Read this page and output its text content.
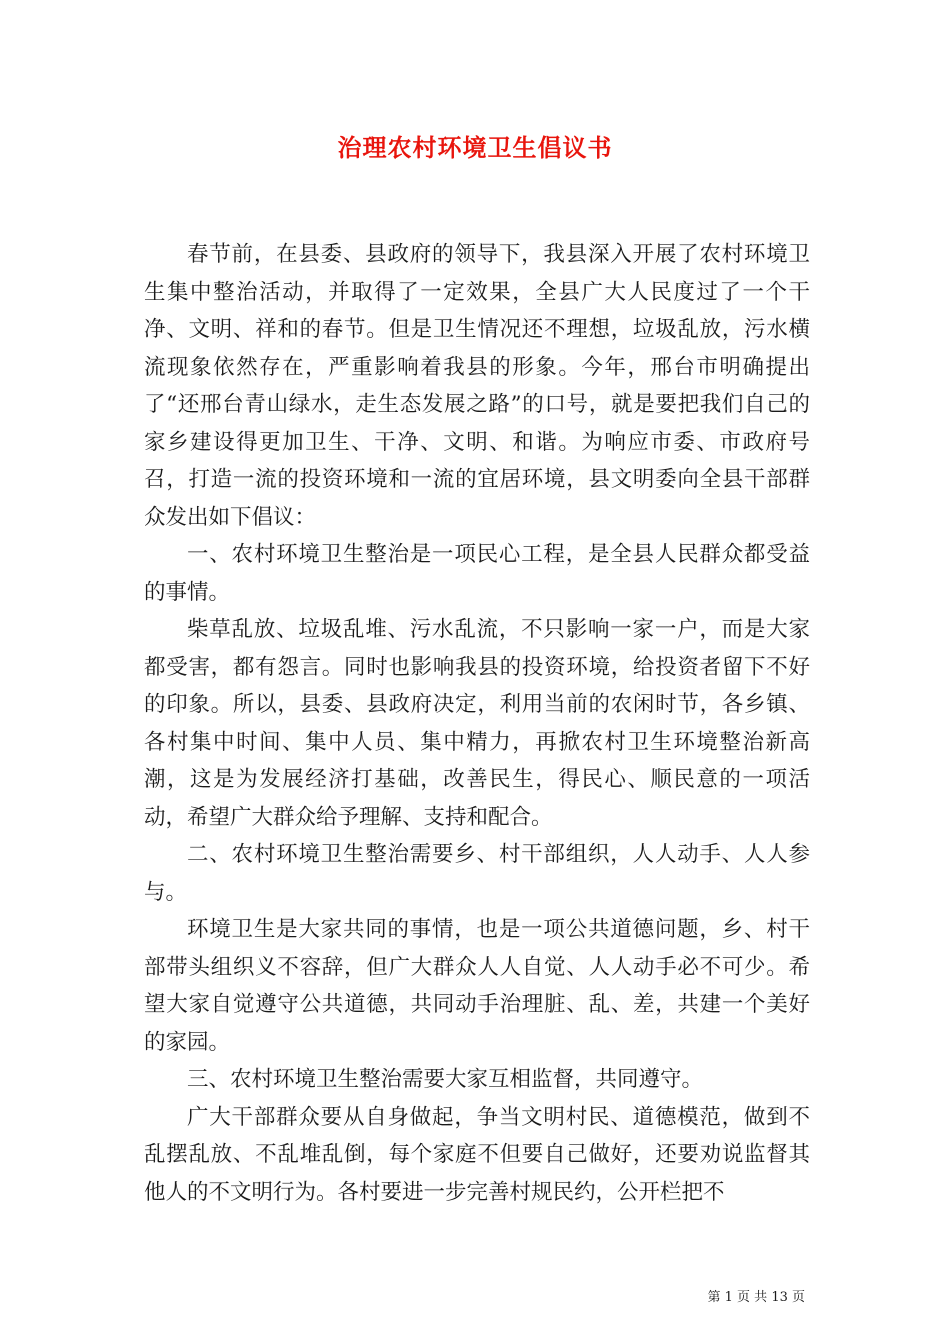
治理农村环境卫生倡议书

春节前，在县委、县政府的领导下，我县深入开展了农村环境卫生集中整治活动，并取得了一定效果，全县广大人民度过了一个干净、文明、祥和的春节。但是卫生情况还不理想，垃圾乱放，污水横流现象依然存在，严重影响着我县的形象。今年，邢台市明确提出了“还邢台青山绿水，走生态发展之路”的口号，就是要把我们自己的家乡建设得更加卫生、干净、文明、和谐。为响应市委、市政府号召，打造一流的投资环境和一流的宜居环境，县文明委向全县干部群众发出如下倡议：

一、农村环境卫生整治是一项民心工程，是全县人民群众都受益的事情。

柴草乱放、垃圾乱堆、污水乱流，不只影响一家一户，而是大家都受害，都有怨言。同时也影响我县的投资环境，给投资者留下不好的印象。所以，县委、县政府决定，利用当前的农闲时节，各乡镇、各村集中时间、集中人员、集中精力，再掀农村卫生环境整治新高潮，这是为发展经济打基础，改善民生，得民心、顺民意的一项活动，希望广大群众给予理解、支持和配合。

二、农村环境卫生整治需要乡、村干部组织，人人动手、人人参与。

环境卫生是大家共同的事情，也是一项公共道德问题，乡、村干部带头组织义不容辞，但广大群众人人自觉、人人动手必不可少。希望大家自觉遵守公共道德，共同动手治理脏、乱、差，共建一个美好的家园。

三、农村环境卫生整治需要大家互相监督，共同遵守。

广大干部群众要从自身做起，争当文明村民、道德模范，做到不乱摆乱放、不乱堆乱倒，每个家庭不但要自己做好，还要劝说监督其他人的不文明行为。各村要进一步完善村规民约，公开栏把不

第 1 页 共 13 页
